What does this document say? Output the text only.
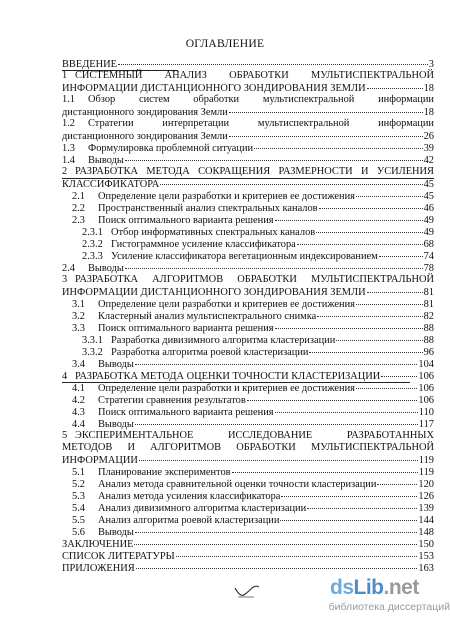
ОГЛАВЛЕНИЕ
ВВЕДЕНИЕ	3
1 СИСТЕМНЫЙ АНАЛИЗ ОБРАБОТКИ МУЛЬТИСПЕКТРАЛЬНОЙ
ИНФОРМАЦИИ ДИСТАНЦИОННОГО ЗОНДИРОВАНИЯ ЗЕМЛИ	18
1.1	Обзор систем обработки мультиспектральной информации
дистанционного зондирования Земли	18
1.2	Стратегии интерпретации мультиспектральной информации
дистанционного зондирования Земли	26
1.3	Формулировка проблемной ситуации	39
1.4	Выводы	42
2 РАЗРАБОТКА МЕТОДА СОКРАЩЕНИЯ РАЗМЕРНОСТИ И УСИЛЕНИЯ
КЛАССИФИКАТОРА	45
2.1	Определение цели разработки и критериев ее достижения	45
2.2	Пространственный анализ спектральных каналов	46
2.3	Поиск оптимального варианта решения	49
2.3.1 Отбор информативных спектральных каналов	49
2.3.2 Гистограммное усиление классификатора	68
2.3.3 Усиление классификатора вегетационным индексированием	74
2.4	Выводы	78
3 РАЗРАБОТКА АЛГОРИТМОВ ОБРАБОТКИ МУЛЬТИСПЕКТРАЛЬНОЙ
ИНФОРМАЦИИ ДИСТАНЦИОННОГО ЗОНДИРОВАНИЯ ЗЕМЛИ	81
3.1	Определение цели разработки и критериев ее достижения	81
3.2	Кластерный анализ мультиспектрального снимка	82
3.3	Поиск оптимального варианта решения	88
3.3.1 Разработка дивизимного алгоритма кластеризации	88
3.3.2 Разработка алгоритма роевой кластеризации	96
3.4	Выводы	104
4 РАЗРАБОТКА МЕТОДА ОЦЕНКИ ТОЧНОСТИ КЛАСТЕРИЗАЦИИ	106
4.1	Определение цели разработки и критериев ее достижения	106
4.2	Стратегии сравнения результатов	106
4.3	Поиск оптимального варианта решения	110
4.4	Выводы	117
5 ЭКСПЕРИМЕНТАЛЬНОЕ ИССЛЕДОВАНИЕ РАЗРАБОТАННЫХ
МЕТОДОВ И АЛГОРИТМОВ ОБРАБОТКИ МУЛЬТИСПЕКТРАЛЬНОЙ
ИНФОРМАЦИИ	119
5.1	Планирование экспериментов	119
5.2	Анализ метода сравнительной оценки точности кластеризации	120
5.3	Анализ метода усиления классификатора	126
5.4	Анализ дивизимного алгоритма кластеризации	139
5.5	Анализ алгоритма роевой кластеризации	144
5.6	Выводы	148
ЗАКЛЮЧЕНИЕ	150
СПИСОК ЛИТЕРАТУРЫ	153
ПРИЛОЖЕНИЯ	163
dsLib.net
библиотека диссертаций
